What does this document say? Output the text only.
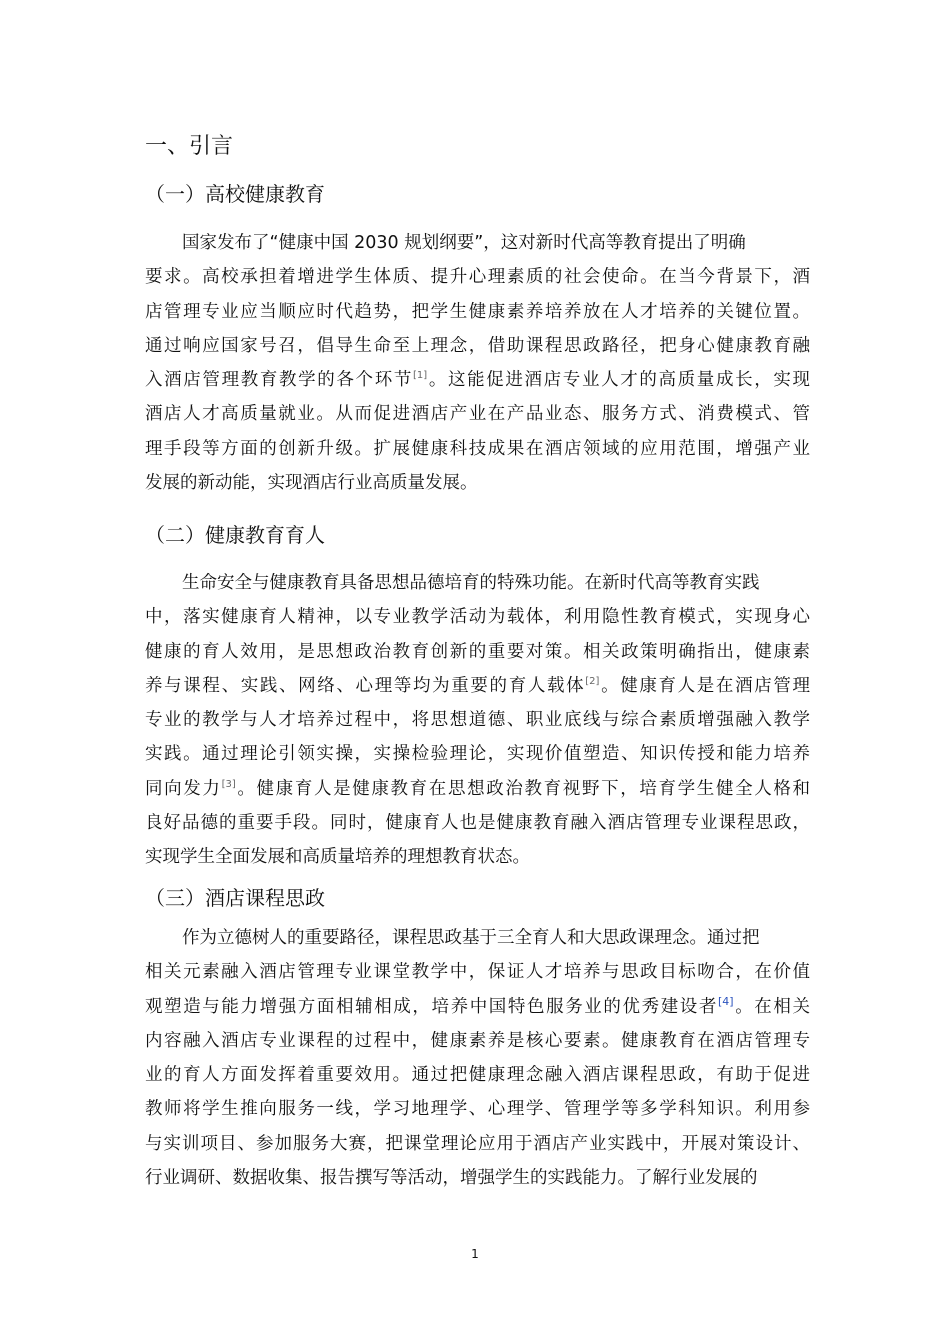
一、引言
（一）高校健康教育
国家发布了“健康中国 2030 规划纲要”，这对新时代高等教育提出了明确
要求。高校承担着增进学生体质、提升心理素质的社会使命。在当今背景下，酒
店管理专业应当顺应时代趋势，把学生健康素养培养放在人才培养的关键位置。
通过响应国家号召，倡导生命至上理念，借助课程思政路径，把身心健康教育融
入酒店管理教育教学的各个环节[1]。这能促进酒店专业人才的高质量成长，实现
酒店人才高质量就业。从而促进酒店产业在产品业态、服务方式、消费模式、管
理手段等方面的创新升级。扩展健康科技成果在酒店领域的应用范围，增强产业
发展的新动能，实现酒店行业高质量发展。
（二）健康教育育人
生命安全与健康教育具备思想品德培育的特殊功能。在新时代高等教育实践
中，落实健康育人精神，以专业教学活动为载体，利用隐性教育模式，实现身心
健康的育人效用，是思想政治教育创新的重要对策。相关政策明确指出，健康素
养与课程、实践、网络、心理等均为重要的育人载体[2]。健康育人是在酒店管理
专业的教学与人才培养过程中，将思想道德、职业底线与综合素质增强融入教学
实践。通过理论引领实操，实操检验理论，实现价值塑造、知识传授和能力培养
同向发力[3]。健康育人是健康教育在思想政治教育视野下，培育学生健全人格和
良好品德的重要手段。同时，健康育人也是健康教育融入酒店管理专业课程思政，
实现学生全面发展和高质量培养的理想教育状态。
（三）酒店课程思政
作为立德树人的重要路径，课程思政基于三全育人和大思政课理念。通过把
相关元素融入酒店管理专业课堂教学中，保证人才培养与思政目标吻合，在价值
观塑造与能力增强方面相辅相成，培养中国特色服务业的优秀建设者[4]。在相关
内容融入酒店专业课程的过程中，健康素养是核心要素。健康教育在酒店管理专
业的育人方面发挥着重要效用。通过把健康理念融入酒店课程思政，有助于促进
教师将学生推向服务一线，学习地理学、心理学、管理学等多学科知识。利用参
与实训项目、参加服务大赛，把课堂理论应用于酒店产业实践中，开展对策设计、
行业调研、数据收集、报告撰写等活动，增强学生的实践能力。了解行业发展的
1
